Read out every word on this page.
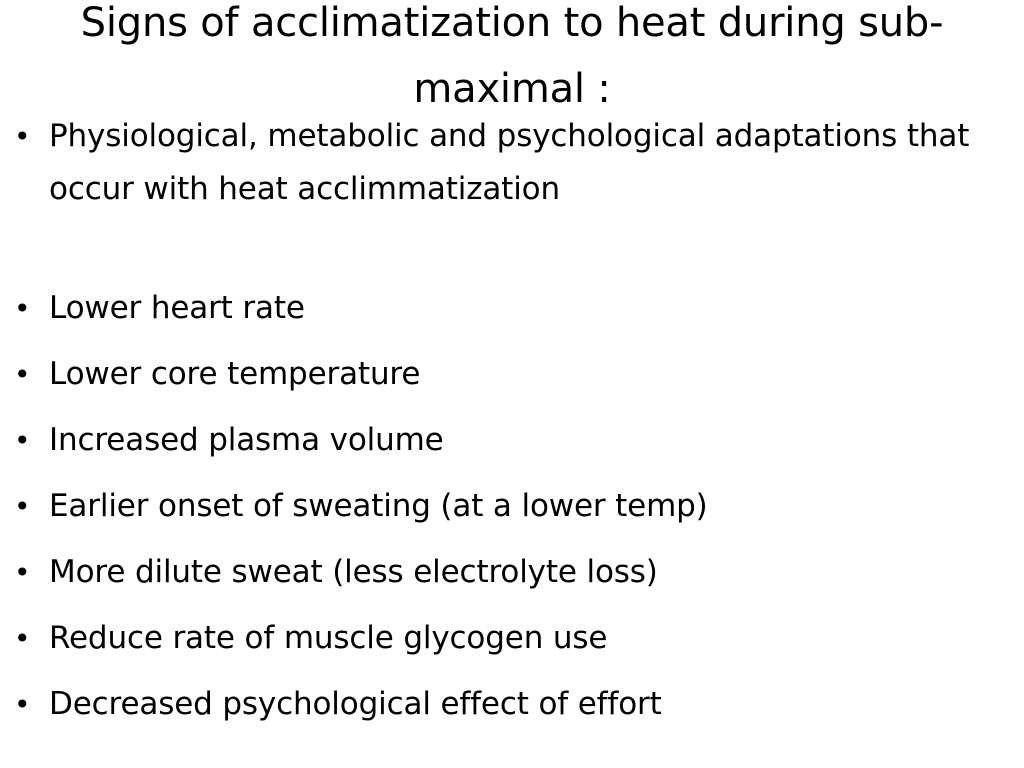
Signs of acclimatization to heat during sub-maximal :
• Physiological, metabolic and psychological adaptations that occur with heat acclimmatization
• Lower heart rate
• Lower core temperature
• Increased plasma volume
• Earlier onset of sweating (at a lower temp)
• More dilute sweat (less electrolyte loss)
• Reduce rate of muscle glycogen use
• Decreased psychological effect of effort
